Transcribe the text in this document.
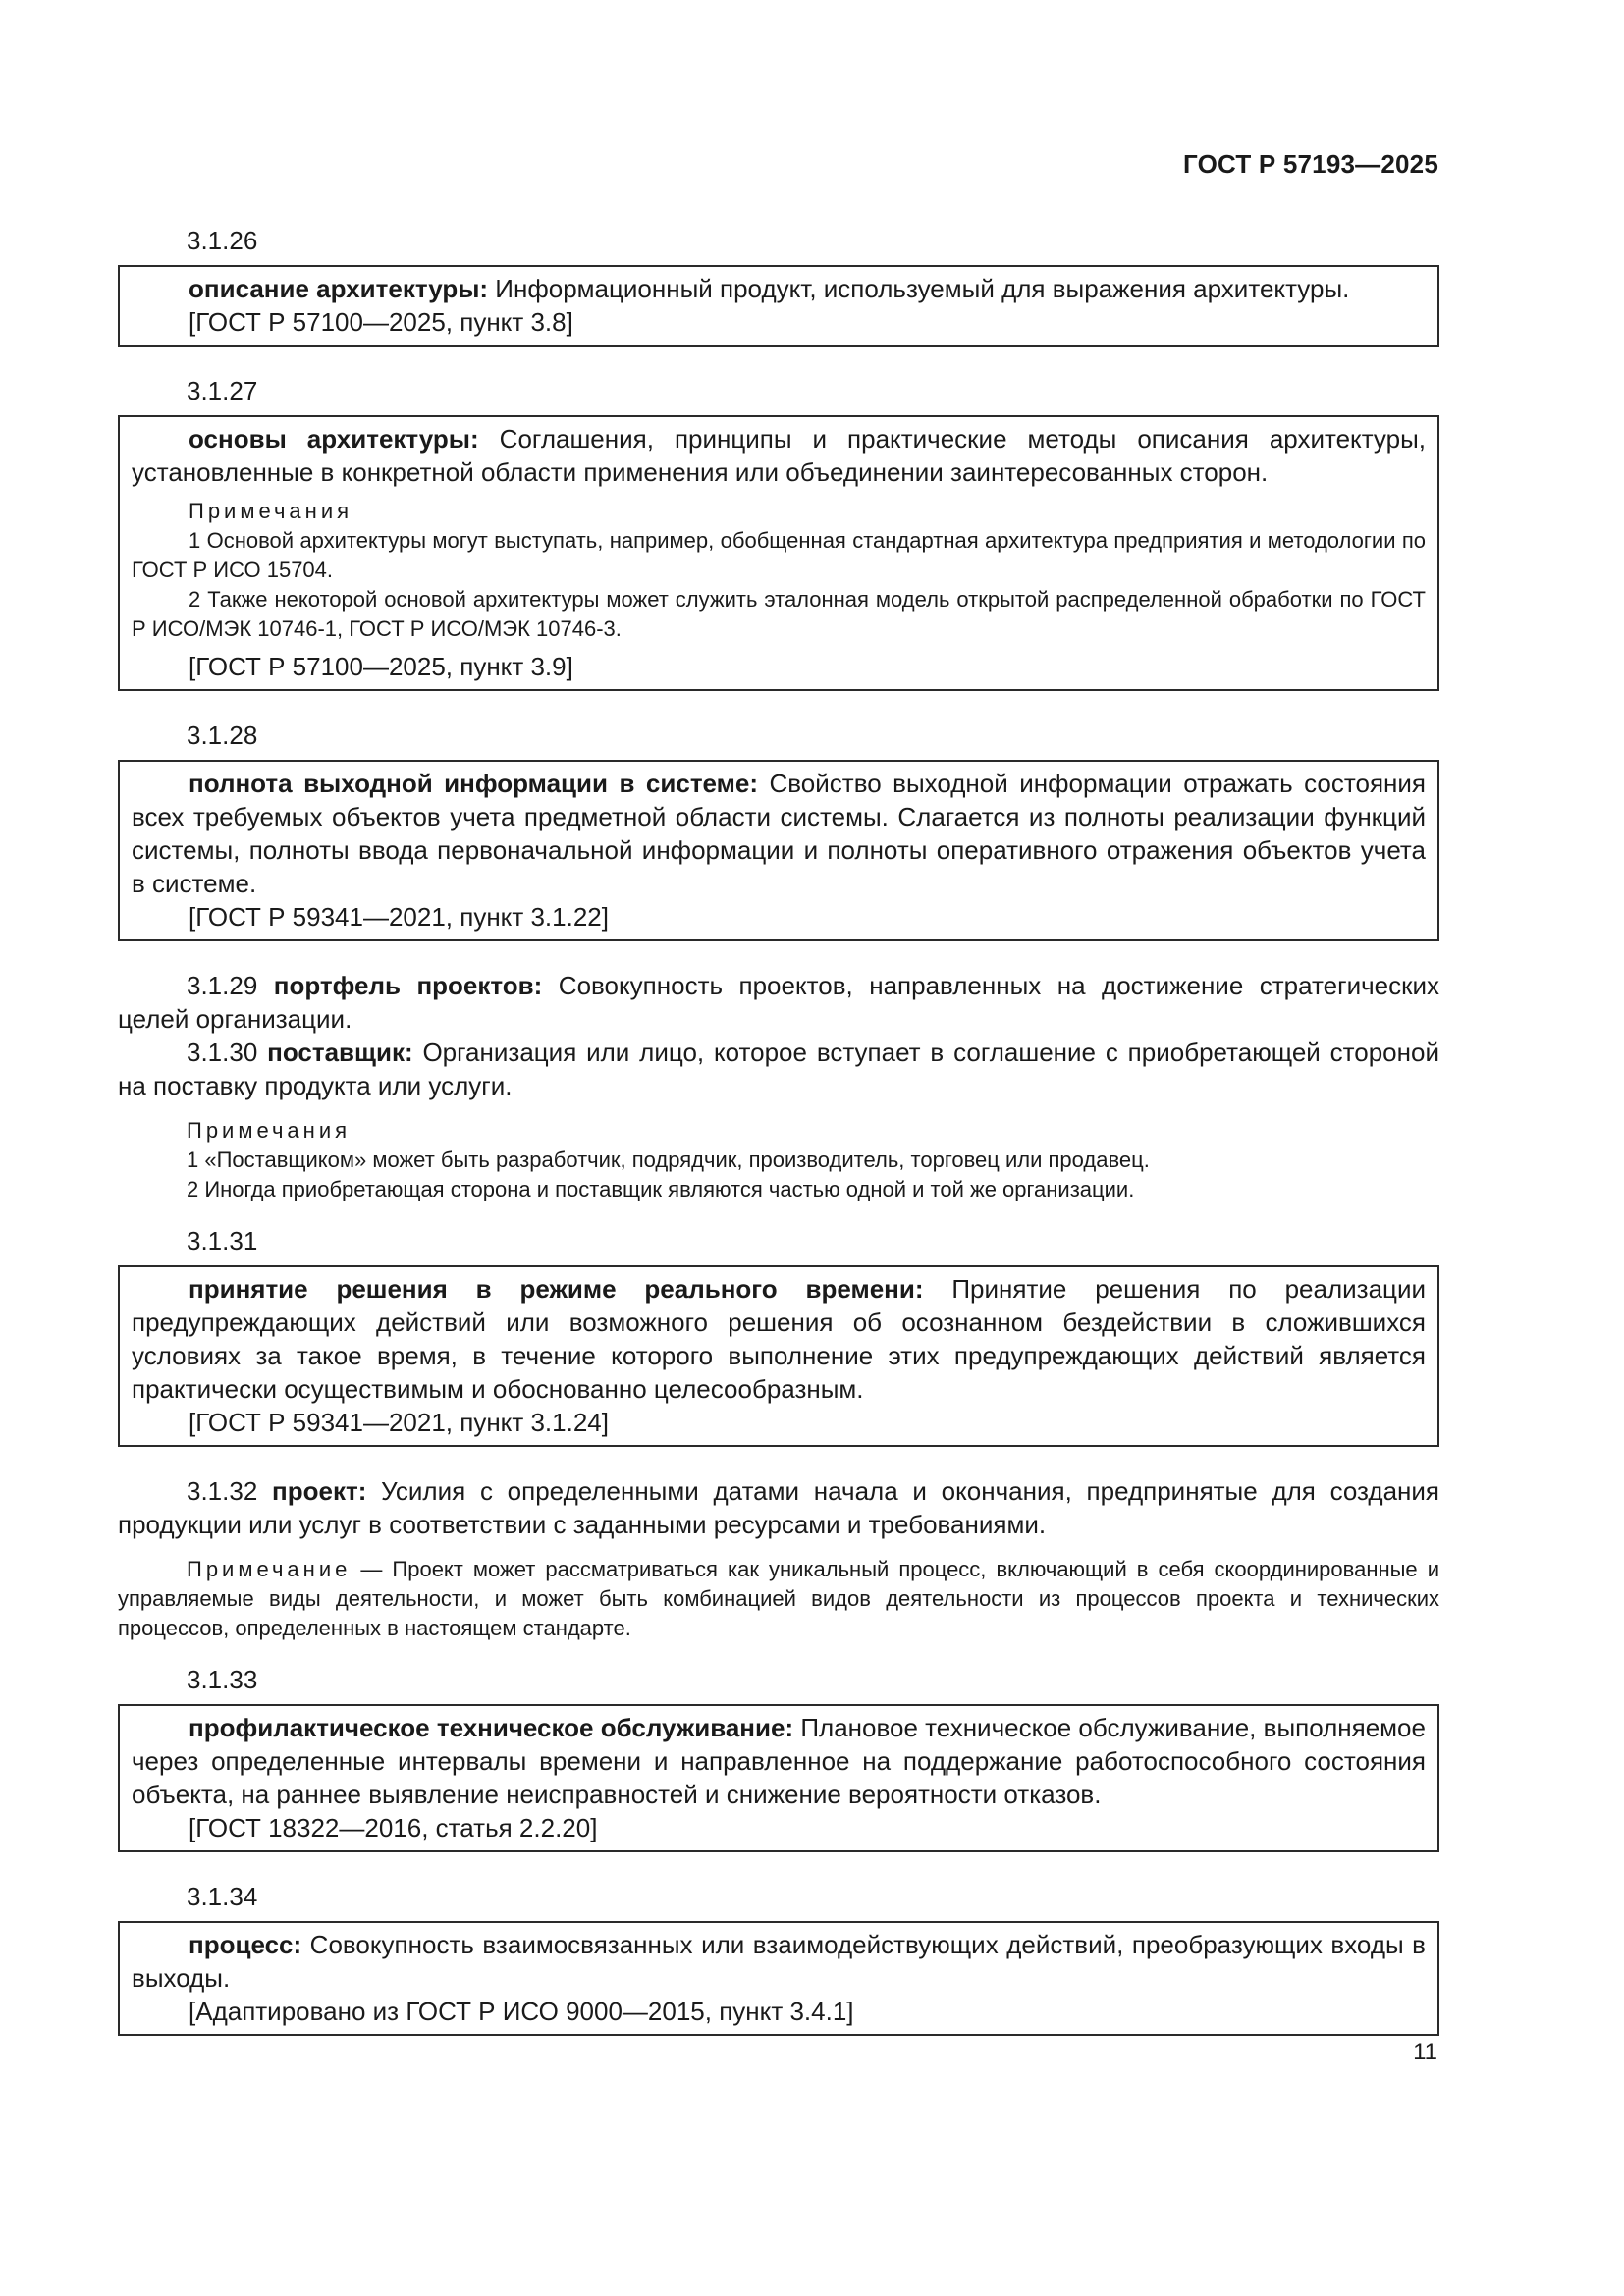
ГОСТ Р 57193—2025
3.1.26

описание архитектуры: Информационный продукт, используемый для выражения архитектуры.

[ГОСТ Р 57100—2025, пункт 3.8]

3.1.27

основы архитектуры: Соглашения, принципы и практические методы описания архитектуры, установленные в конкретной области применения или объединении заинтересованных сторон.

Примечания

1 Основой архитектуры могут выступать, например, обобщенная стандартная архитектура предприятия и методологии по ГОСТ Р ИСО 15704.

2 Также некоторой основой архитектуры может служить эталонная модель открытой распределенной обработки по ГОСТ Р ИСО/МЭК 10746-1, ГОСТ Р ИСО/МЭК 10746-3.

[ГОСТ Р 57100—2025, пункт 3.9]

3.1.28

полнота выходной информации в системе: Свойство выходной информации отражать состояния всех требуемых объектов учета предметной области системы. Слагается из полноты реализации функций системы, полноты ввода первоначальной информации и полноты оперативного отражения объектов учета в системе.

[ГОСТ Р 59341—2021, пункт 3.1.22]

3.1.29 портфель проектов: Совокупность проектов, направленных на достижение стратегических целей организации.

3.1.30 поставщик: Организация или лицо, которое вступает в соглашение с приобретающей стороной на поставку продукта или услуги.

Примечания

1 «Поставщиком» может быть разработчик, подрядчик, производитель, торговец или продавец.

2 Иногда приобретающая сторона и поставщик являются частью одной и той же организации.

3.1.31

принятие решения в режиме реального времени: Принятие решения по реализации предупреждающих действий или возможного решения об осознанном бездействии в сложившихся условиях за такое время, в течение которого выполнение этих предупреждающих действий является практически осуществимым и обоснованно целесообразным.

[ГОСТ Р 59341—2021, пункт 3.1.24]

3.1.32 проект: Усилия с определенными датами начала и окончания, предпринятые для создания продукции или услуг в соответствии с заданными ресурсами и требованиями.

Примечание — Проект может рассматриваться как уникальный процесс, включающий в себя скоординированные и управляемые виды деятельности, и может быть комбинацией видов деятельности из процессов проекта и технических процессов, определенных в настоящем стандарте.

3.1.33

профилактическое техническое обслуживание: Плановое техническое обслуживание, выполняемое через определенные интервалы времени и направленное на поддержание работоспособного состояния объекта, на раннее выявление неисправностей и снижение вероятности отказов.

[ГОСТ 18322—2016, статья 2.2.20]

3.1.34

процесс: Совокупность взаимосвязанных или взаимодействующих действий, преобразующих входы в выходы.

[Адаптировано из ГОСТ Р ИСО 9000—2015, пункт 3.4.1]

11
